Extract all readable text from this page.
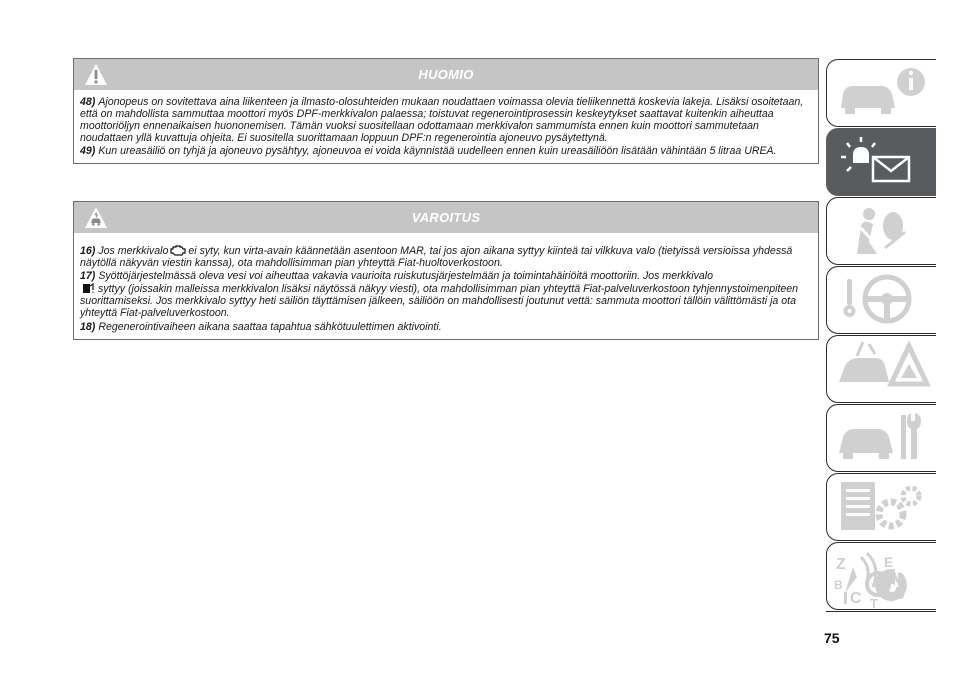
HUOMIO

48) Ajonopeus on sovitettava aina liikenteen ja ilmasto-olosuhteiden mukaan noudattaen voimassa olevia tieliikennettä koskevia lakeja. Lisäksi osoitetaan, että on mahdollista sammuttaa moottori myös DPF-merkkivalon palaessa; toistuvat regenerointiprosessin keskeytykset saattavat kuitenkin aiheuttaa moottoriöljyn ennenaikaisen huononemisen. Tämän vuoksi suositellaan odottamaan merkkivalon sammumista ennen kuin moottori sammutetaan noudattaen yllä kuvattuja ohjeita. Ei suositella suorittamaan loppuun DPF:n regenerointia ajoneuvo pysäytettynä.

49) Kun ureasäiliö on tyhjä ja ajoneuvo pysähtyy, ajoneuvoa ei voida käynnistää uudelleen ennen kuin ureasäiliöön lisätään vähintään 5 litraa UREA.

VAROITUS

16) Jos merkkivalo ei syty, kun virta-avain käännetään asentoon MAR, tai jos ajon aikana syttyy kiinteä tai vilkkuva valo (tietyissä versioissa yhdessä näytöllä näkyvän viestin kanssa), ota mahdollisimman pian yhteyttä Fiat-huoltoverkostoon.

17) Syöttöjärjestelmässä oleva vesi voi aiheuttaa vakavia vaurioita ruiskutusjärjestelmään ja toimintahäiriöitä moottoriin. Jos merkkivalo
syttyy (joissakin malleissa merkkivalon lisäksi näytössä näkyy viesti), ota mahdollisimman pian yhteyttä Fiat-palveluverkostoon tyhjennystoimenpiteen suorittamiseksi. Jos merkkivalo syttyy heti säiliön täyttämisen jälkeen, säiliöön on mahdollisesti joutunut vettä: sammuta moottori tällöin välittömästi ja ota yhteyttä Fiat-palveluverkostoon.

18) Regenerointivaiheen aikana saattaa tapahtua sähkötuulettimen aktivointi.

Z	E
B	A
C T
D
75
